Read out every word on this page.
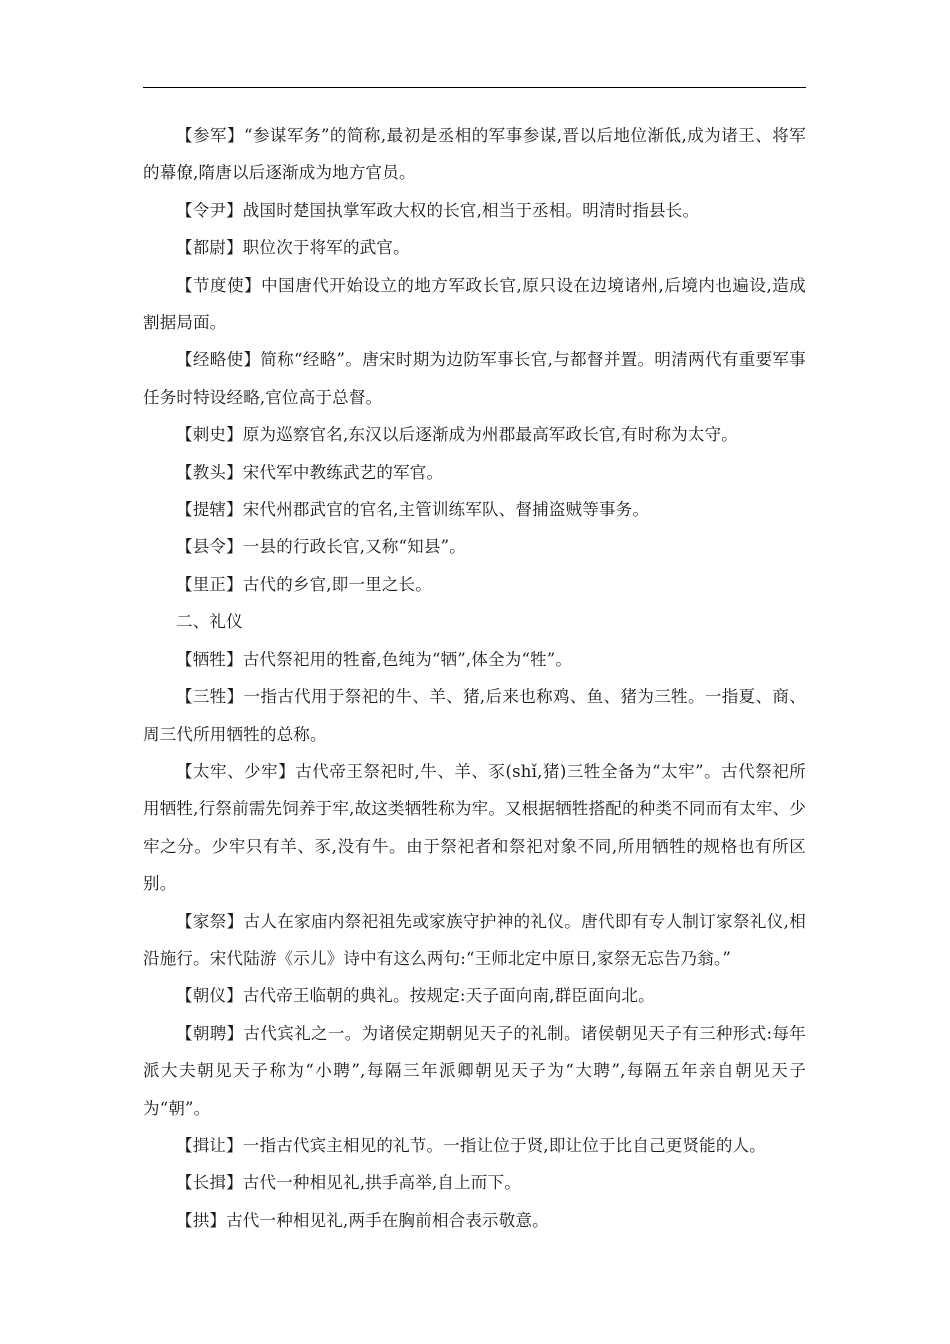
【参军】“参谋军务”的简称,最初是丞相的军事参谋,晋以后地位渐低,成为诸王、将军的幕僚,隋唐以后逐渐成为地方官员。

【令尹】战国时楚国执掌军政大权的长官,相当于丞相。明清时指县长。

【都尉】职位次于将军的武官。

【节度使】中国唐代开始设立的地方军政长官,原只设在边境诸州,后境内也遍设,造成割据局面。

【经略使】简称“经略”。唐宋时期为边防军事长官,与都督并置。明清两代有重要军事任务时特设经略,官位高于总督。

【刺史】原为巡察官名,东汉以后逐渐成为州郡最高军政长官,有时称为太守。

【教头】宋代军中教练武艺的军官。

【提辖】宋代州郡武官的官名,主管训练军队、督捕盗贼等事务。

【县令】一县的行政长官,又称“知县”。

【里正】古代的乡官,即一里之长。

二、礼仪

【牺牲】古代祭祀用的牲畜,色纯为“牺”,体全为“牲”。

【三牲】一指古代用于祭祀的牛、羊、猪,后来也称鸡、鱼、猪为三牲。一指夏、商、周三代所用牺牲的总称。

【太牢、少牢】古代帝王祭祀时,牛、羊、豕(shǐ,猪)三牲全备为“太牢”。古代祭祀所用牺牲,行祭前需先饲养于牢,故这类牺牲称为牢。又根据牺牲搭配的种类不同而有太牢、少牢之分。少牢只有羊、豕,没有牛。由于祭祀者和祭祀对象不同,所用牺牲的规格也有所区别。

【家祭】古人在家庙内祭祀祖先或家族守护神的礼仪。唐代即有专人制订家祭礼仪,相沿施行。宋代陆游《示儿》诗中有这么两句:“王师北定中原日,家祭无忘告乃翁。”

【朝仪】古代帝王临朝的典礼。按规定:天子面向南,群臣面向北。

【朝聘】古代宾礼之一。为诸侯定期朝见天子的礼制。诸侯朝见天子有三种形式:每年派大夫朝见天子称为“小聘”,每隔三年派卿朝见天子为“大聘”,每隔五年亲自朝见天子为“朝”。

【揖让】一指古代宾主相见的礼节。一指让位于贤,即让位于比自己更贤能的人。

【长揖】古代一种相见礼,拱手高举,自上而下。

【拱】古代一种相见礼,两手在胸前相合表示敬意。
